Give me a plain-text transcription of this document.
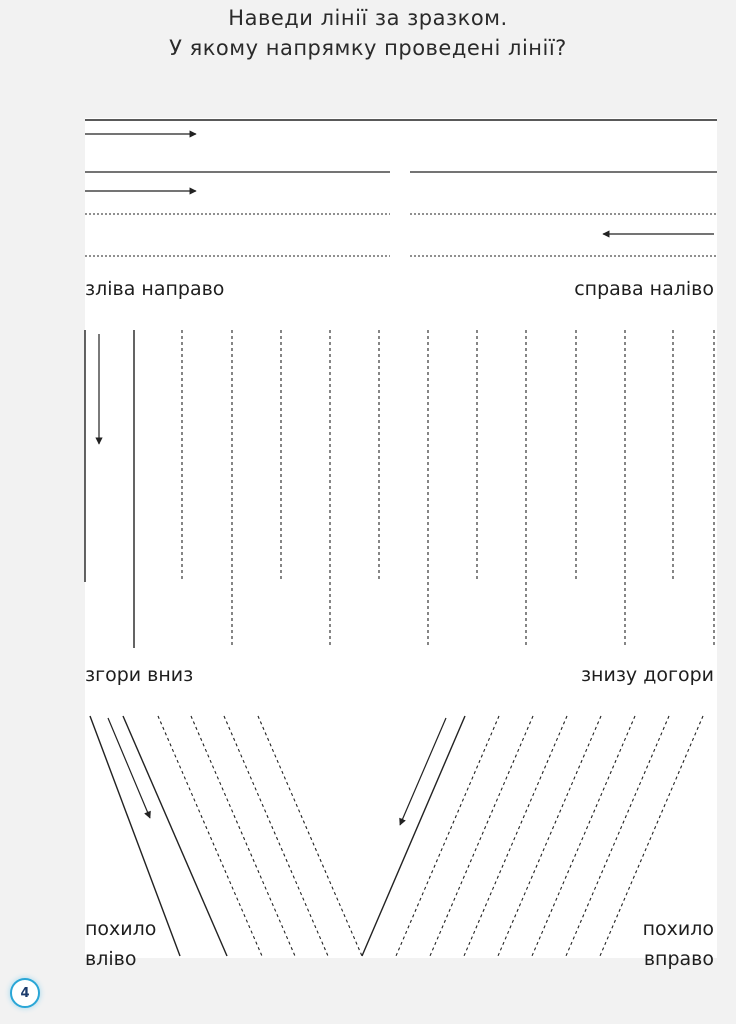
Наведи лінії за зразком.
У якому напрямку проведені лінії?
зліва направо	справа наліво
згори вниз	знизу догори
похило
вліво
похило
вправо
4
